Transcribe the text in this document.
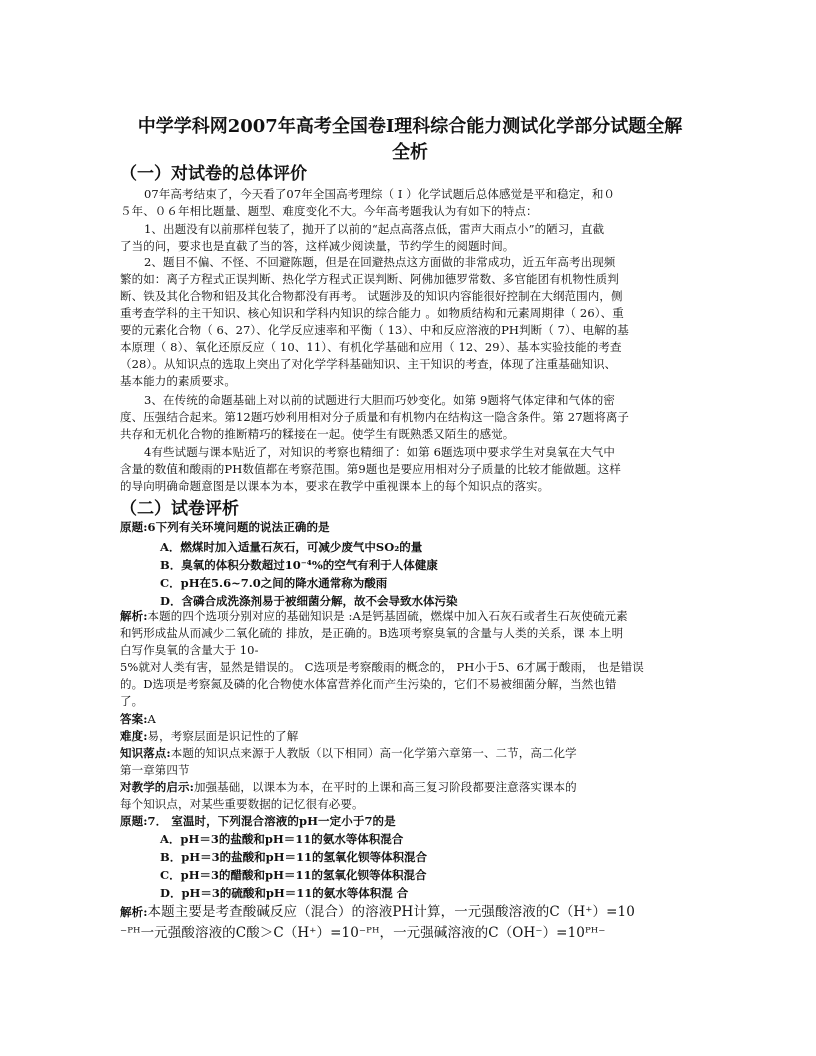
中学学科网2007年高考全国卷I理科综合能力测试化学部分试题全解
全析
（一）对试卷的总体评价
07年高考结束了，今天看了07年全国高考理综（ I ）化学试题后总体感觉是平和稳定，和０
５年、０６年相比题量、题型、难度变化不大。今年高考题我认为有如下的特点：
1、出题没有以前那样包装了，抛开了以前的“起点高落点低，雷声大雨点小”的陋习，直截
了当的问，要求也是直截了当的答，这样减少阅读量，节约学生的阅题时间。
2、题目不偏、不怪、不回避陈题，但是在回避热点这方面做的非常成功，近五年高考出现频
繁的如：离子方程式正误判断、热化学方程式正误判断、阿佛加德罗常数、多官能团有机物性质判
断、铁及其化合物和铝及其化合物都没有再考。 试题涉及的知识内容能很好控制在大纲范围内，侧
重考查学科的主干知识、核心知识和学科内知识的综合能力 。如物质结构和元素周期律（ 26）、重
要的元素化合物（ 6、27）、化学反应速率和平衡（ 13）、中和反应溶液的PH判断（ 7）、电解的基
本原理（ 8）、氧化还原反应（ 10、11）、有机化学基础和应用（ 12、29）、基本实验技能的考查
（28）。从知识点的选取上突出了对化学学科基础知识、主干知识的考查，体现了注重基础知识、
基本能力的素质要求。
3、在传统的命题基础上对以前的试题进行大胆而巧妙变化。如第 9题将气体定律和气体的密
度、压强结合起来。第12题巧妙利用相对分子质量和有机物内在结构这一隐含条件。第 27题将离子
共存和无机化合物的推断精巧的糅接在一起。使学生有既熟悉又陌生的感觉。
4有些试题与课本贴近了，对知识的考察也精细了：如第 6题选项中要求学生对臭氧在大气中
含量的数值和酸雨的PH数值都在考察范围。第9题也是要应用相对分子质量的比较才能做题。这样
的导向明确命题意图是以课本为本，要求在教学中重视课本上的每个知识点的落实。
（二）试卷评析
原题:6下列有关环境问题的说法正确的是
A．燃煤时加入适量石灰石，可减少废气中SO₂的量
B．臭氧的体积分数超过10⁻⁴%的空气有利于人体健康
C．pH在5.6~7.0之间的降水通常称为酸雨
D．含磷合成洗涤剂易于被细菌分解，故不会导致水体污染
解析:本题的四个选项分别对应的基础知识是 :A是钙基固硫，燃煤中加入石灰石或者生石灰使硫元素
和钙形成盐从而减少二氧化硫的 排放，是正确的。B选项考察臭氧的含量与人类的关系，课 本上明
白写作臭氧的含量大于 10-
5%就对人类有害，显然是错误的。 C选项是考察酸雨的概念的， PH小于5、6才属于酸雨， 也是错误
的。D选项是考察氮及磷的化合物使水体富营养化而产生污染的，它们不易被细菌分解，当然也错
了。
答案:A
难度:易，考察层面是识记性的了解
知识落点:本题的知识点来源于人教版（以下相同）高一化学第六章第一、二节，高二化学
第一章第四节
对教学的启示:加强基础，以课本为本，在平时的上课和高三复习阶段都要注意落实课本的
每个知识点，对某些重要数据的记忆很有必要。
原题:7． 室温时，下列混合溶液的pH一定小于7的是
A．pH＝3的盐酸和pH＝11的氨水等体积混合
B．pH＝3的盐酸和pH＝11的氢氧化钡等体积混合
C．pH＝3的醋酸和pH＝11的氢氧化钡等体积混合
D．pH＝3的硫酸和pH＝11的氨水等体积混 合
解析:本题主要是考查酸碱反应（混合）的溶液PH计算，一元强酸溶液的C（H⁺）=10
⁻ᴾᴴ一元强酸溶液的C酸＞C（H⁺）=10⁻ᴾᴴ，一元强碱溶液的C（OH⁻）=10ᴾᴴ⁻
